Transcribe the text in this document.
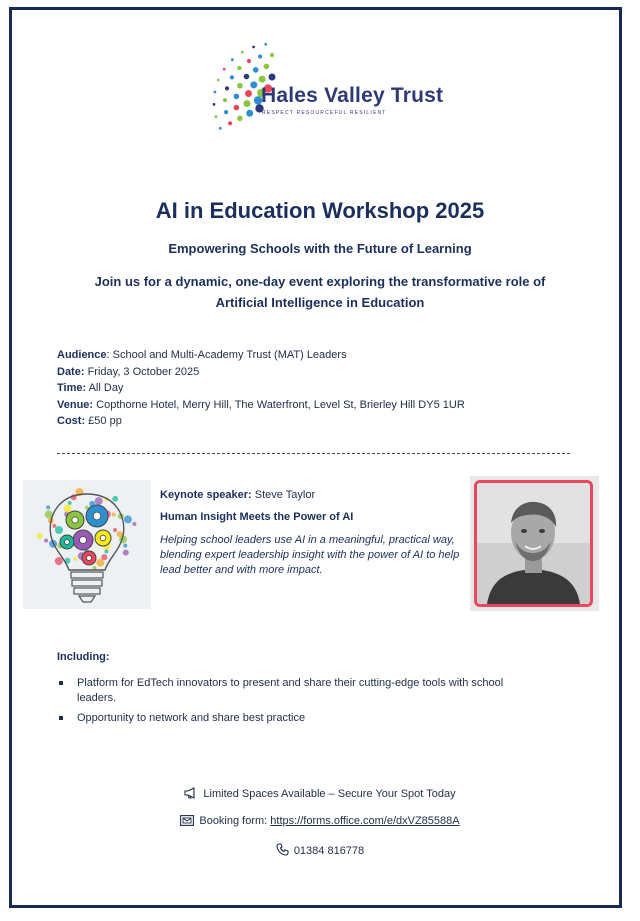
Hales Valley Trust
RESPECT RESOURCEFUL RESILIENT
AI in Education Workshop 2025
Empowering Schools with the Future of Learning
Join us for a dynamic, one-day event exploring the transformative role of Artificial Intelligence in Education
Audience: School and Multi-Academy Trust (MAT) Leaders
Date: Friday, 3 October 2025
Time: All Day
Venue: Copthorne Hotel, Merry Hill, The Waterfront, Level St, Brierley Hill DY5 1UR
Cost: £50 pp
Keynote speaker: Steve Taylor
Human Insight Meets the Power of AI
Helping school leaders use AI in a meaningful, practical way, blending expert leadership insight with the power of AI to help lead better and with more impact.
Including:
Platform for EdTech innovators to present and share their cutting-edge tools with school leaders.
Opportunity to network and share best practice
Limited Spaces Available – Secure Your Spot Today
Booking form: https://forms.office.com/e/dxVZ85588A
01384 816778
